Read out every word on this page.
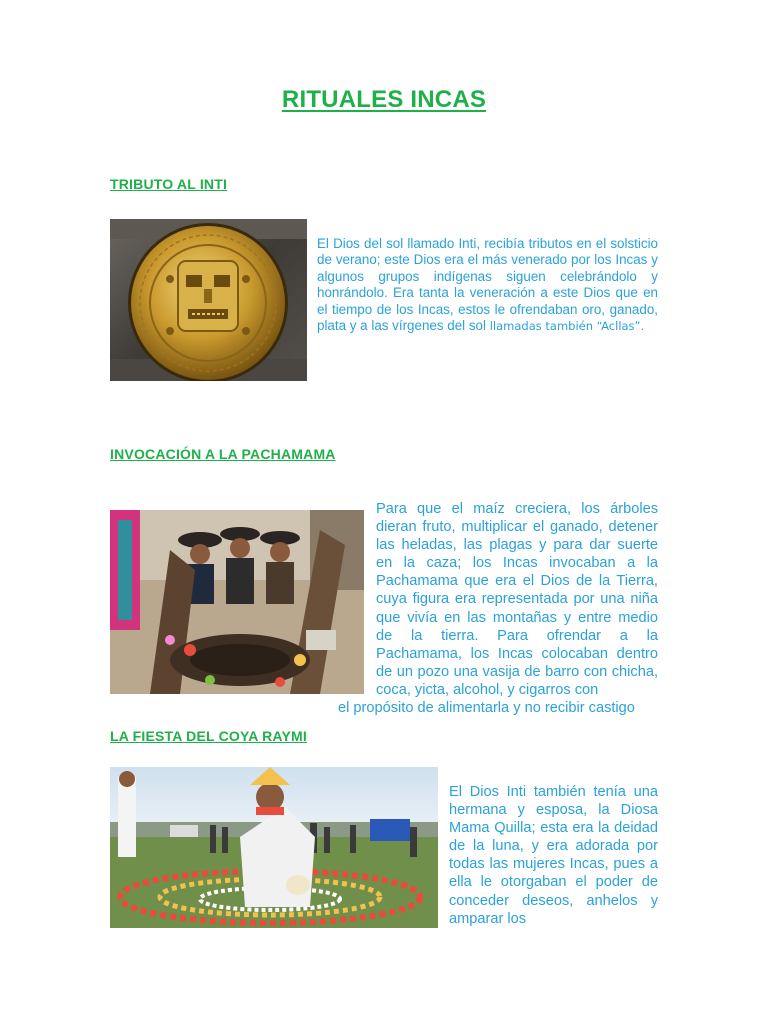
RITUALES INCAS
TRIBUTO AL INTI

El Dios del sol llamado Inti, recibía tributos en el solsticio de verano; este Dios era el más venerado por los Incas y algunos grupos indígenas siguen celebrándolo y honrándolo. Era tanta la veneración a este Dios que en el tiempo de los Incas, estos le ofrendaban oro, ganado, plata y a las vírgenes del sol llamadas también “Acllas”.

INVOCACIÓN A LA PACHAMAMA

Para que el maíz creciera, los árboles dieran fruto, multiplicar el ganado, detener las heladas, las plagas y para dar suerte en la caza; los Incas invocaban a la Pachamama que era el Dios de la Tierra, cuya figura era representada por una niña que vivía en las montañas y entre medio de la tierra. Para ofrendar a la Pachamama, los Incas colocaban dentro de un pozo una vasija de barro con chicha, coca, yicta, alcohol, y cigarros con

el propósito de alimentarla y no recibir castigo

LA FIESTA DEL COYA RAYMI

El Dios Inti también tenía una hermana y esposa, la Diosa Mama Quilla; esta era la deidad de la luna, y era adorada por todas las mujeres Incas, pues a ella le otorgaban el poder de conceder deseos, anhelos y amparar los
